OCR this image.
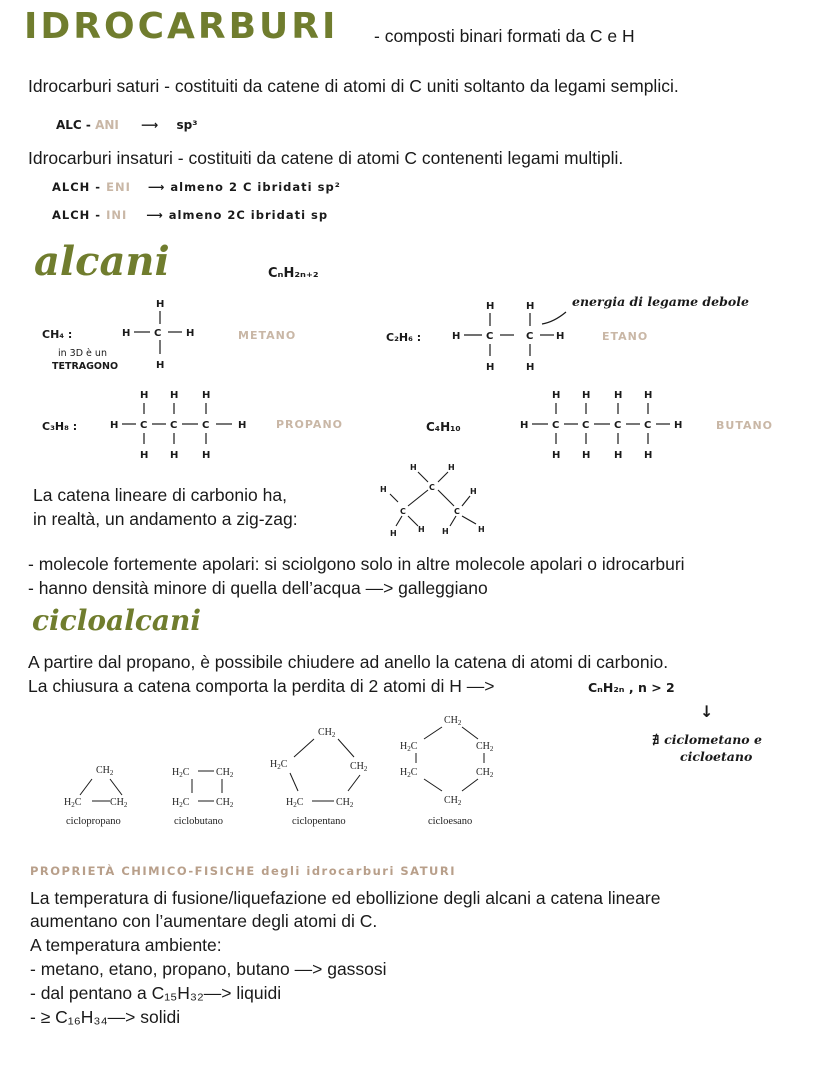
IDROCARBURI - composti binari formati da C e H
Idrocarburi saturi - costituiti da catene di atomi di C uniti soltanto da legami semplici.
ALC - ANI ⟶ sp³
Idrocarburi insaturi - costituiti da catene di atomi C contenenti legami multipli.
ALCH - ENI ⟶ almeno 2 C ibridati sp²
ALCH - INI ⟶ almeno 2C ibridati sp
alcani	CₙH₂ₙ₊₂
CH₄ :
in 3D è un
TETRAGONO
H
H C H
H
METANO	C₂H₆ :
H	H
H	C	C H
H	H
energia di legame debole
ETANO
C₃H₈ :
H H H
H C C C	H
H H H
PROPANO	C₄H₁₀
H H H H
H C C C C H
H H H H
BUTANO
La catena lineare di carbonio ha,
in realtà, un andamento a zig-zag:
H	H
C
H	H
C	C
H	H H	H
- molecole fortemente apolari: si sciolgono solo in altre molecole apolari o idrocarburi
- hanno densità minore di quella dell’acqua —> galleggiano
cicloalcani
A partire dal propano, è possibile chiudere ad anello la catena di atomi di carbonio.
La chiusura a catena comporta la perdita di 2 atomi di H —>	CₙH₂ₙ , n > 2
↓
∄ ciclometano e
cicloetano
$CH_2$
$H_2C$	$CH_2$
$H_2C$	$CH_2$
$H_2C$	$CH_2$
$CH_2$
$H_2C$	$CH_2$
$H_2C$	$CH_2$
$CH_2$
$H_2C$	$CH_2$
$H_2C$	$CH_2$
$CH_2$
ciclopropano	ciclobutano	ciclopentano	cicloesano
PROPRIETÀ CHIMICO-FISICHE degli idrocarburi SATURI
La temperatura di fusione/liquefazione ed ebollizione degli alcani a catena lineare
aumentano con l’aumentare degli atomi di C.
A temperatura ambiente:
- metano, etano, propano, butano —> gassosi
- dal pentano a C₁₅H₃₂—> liquidi
- ≥ C₁₆H₃₄—> solidi
